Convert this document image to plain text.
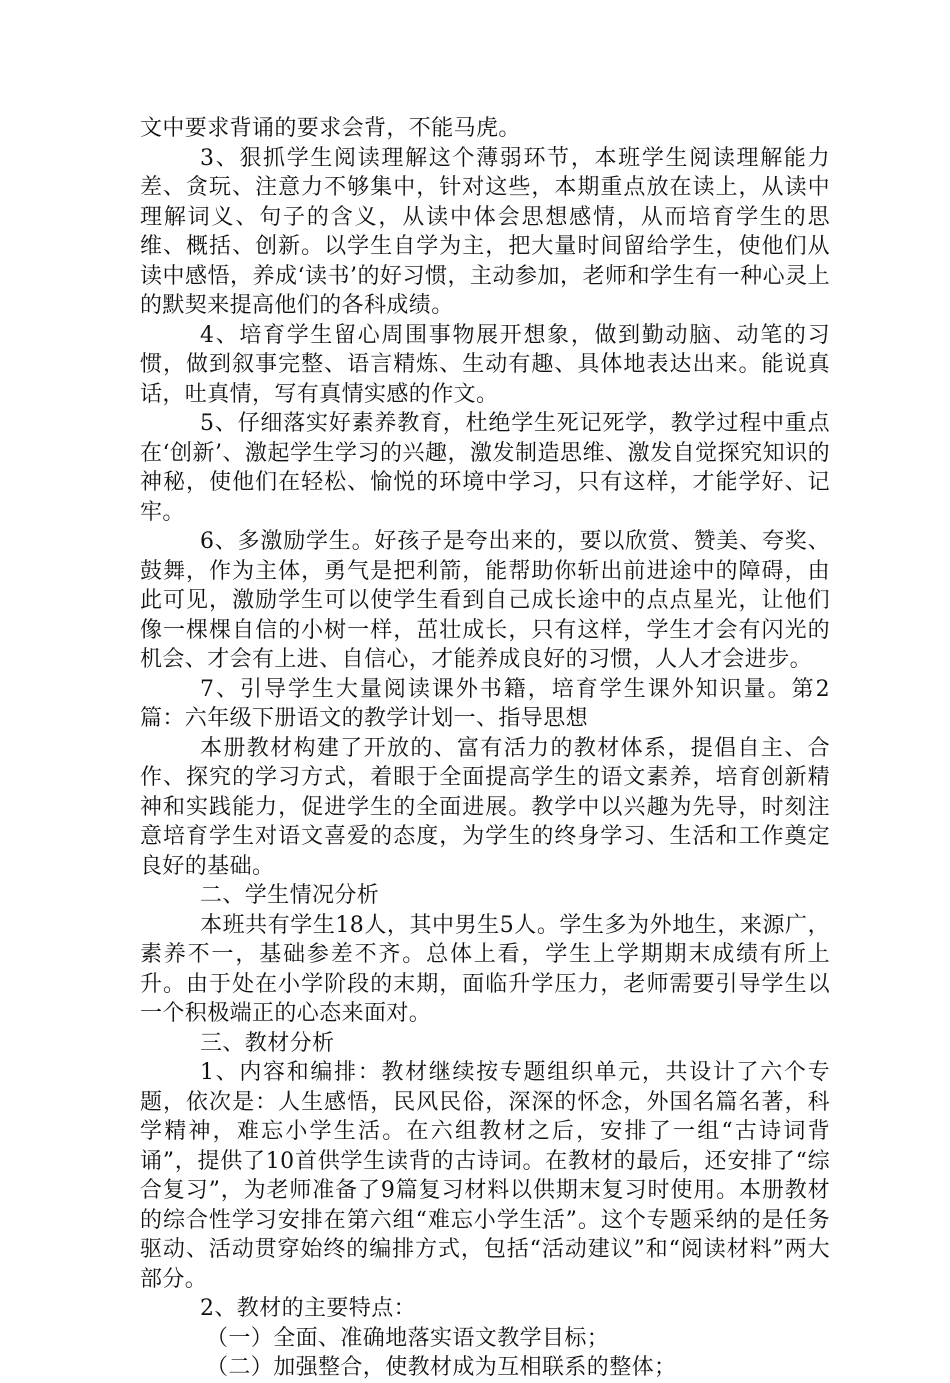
文中要求背诵的要求会背，不能马虎。

3、狠抓学生阅读理解这个薄弱环节，本班学生阅读理解能力差、贪玩、注意力不够集中，针对这些，本期重点放在读上，从读中理解词义、句子的含义，从读中体会思想感情，从而培育学生的思维、概括、创新。以学生自学为主，把大量时间留给学生，使他们从读中感悟，养成‘读书’的好习惯，主动参加，老师和学生有一种心灵上的默契来提高他们的各科成绩。

4、培育学生留心周围事物展开想象，做到勤动脑、动笔的习惯，做到叙事完整、语言精炼、生动有趣、具体地表达出来。能说真话，吐真情，写有真情实感的作文。

5、仔细落实好素养教育，杜绝学生死记死学，教学过程中重点在‘创新’、激起学生学习的兴趣，激发制造思维、激发自觉探究知识的神秘，使他们在轻松、愉悦的环境中学习，只有这样，才能学好、记牢。

6、多激励学生。好孩子是夸出来的，要以欣赏、赞美、夸奖、鼓舞，作为主体，勇气是把利箭，能帮助你斩出前进途中的障碍，由此可见，激励学生可以使学生看到自己成长途中的点点星光，让他们像一棵棵自信的小树一样，茁壮成长，只有这样，学生才会有闪光的机会、才会有上进、自信心，才能养成良好的习惯，人人才会进步。

7、引导学生大量阅读课外书籍，培育学生课外知识量。第2篇：六年级下册语文的教学计划一、指导思想

本册教材构建了开放的、富有活力的教材体系，提倡自主、合作、探究的学习方式，着眼于全面提高学生的语文素养，培育创新精神和实践能力，促进学生的全面进展。教学中以兴趣为先导，时刻注意培育学生对语文喜爱的态度，为学生的终身学习、生活和工作奠定良好的基础。

二、学生情况分析

本班共有学生18人，其中男生5人。学生多为外地生，来源广，素养不一，基础参差不齐。总体上看，学生上学期期末成绩有所上升。由于处在小学阶段的末期，面临升学压力，老师需要引导学生以一个积极端正的心态来面对。

三、教材分析

1、内容和编排：教材继续按专题组织单元，共设计了六个专题，依次是：人生感悟，民风民俗，深深的怀念，外国名篇名著，科学精神，难忘小学生活。在六组教材之后，安排了一组“古诗词背诵”，提供了10首供学生读背的古诗词。在教材的最后，还安排了“综合复习”，为老师准备了9篇复习材料以供期末复习时使用。本册教材的综合性学习安排在第六组“难忘小学生活”。这个专题采纳的是任务驱动、活动贯穿始终的编排方式，包括“活动建议”和“阅读材料”两大部分。

2、教材的主要特点：

（一）全面、准确地落实语文教学目标；

（二）加强整合，使教材成为互相联系的整体；
